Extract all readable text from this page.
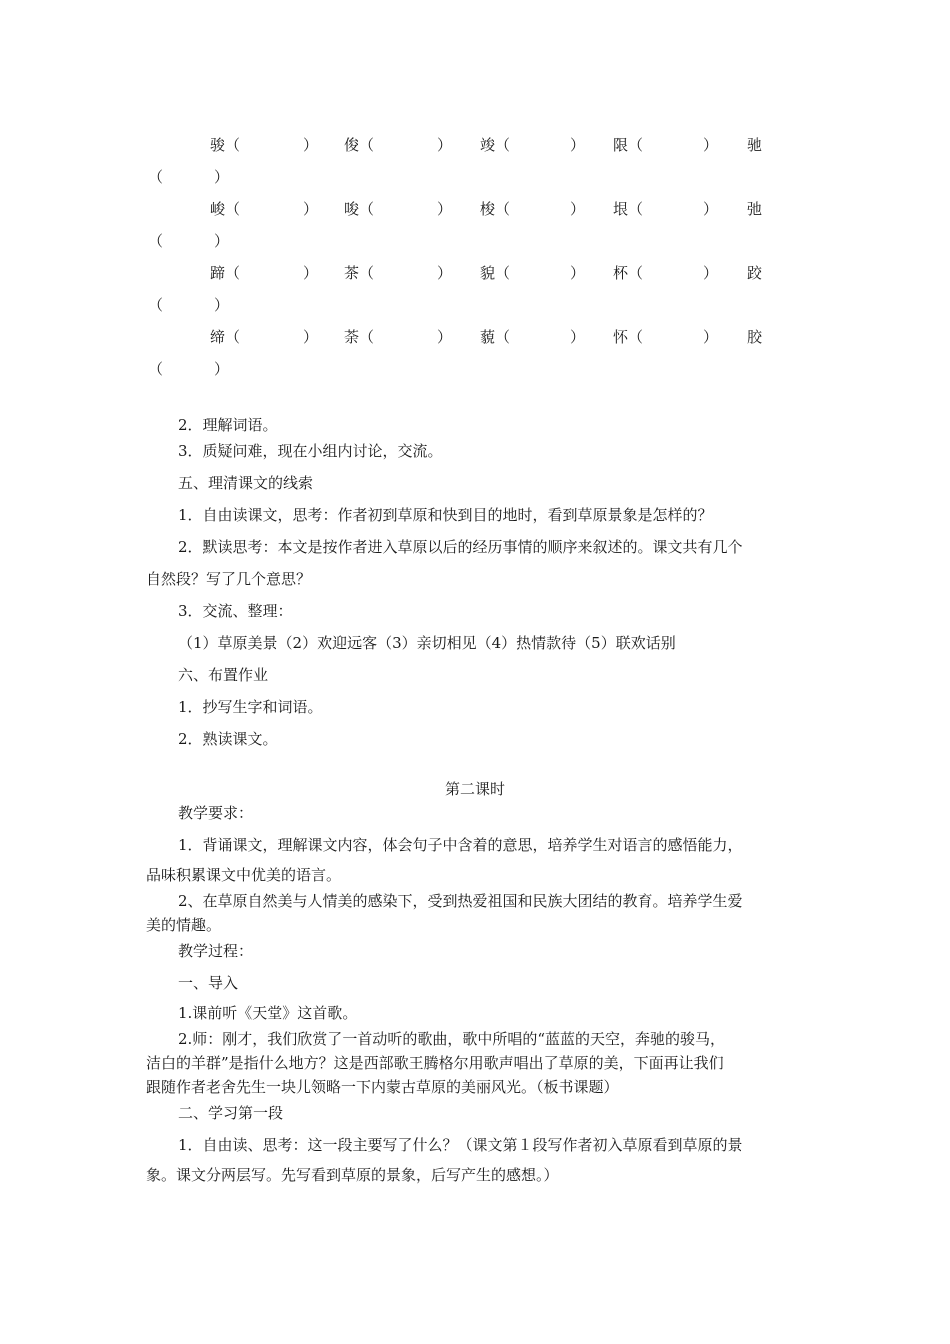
骏（	） 俊（	） 竣（	） 限（	） 驰
（	）
峻（	） 唆（	） 梭（	） 垠（	） 弛
（	）
蹄（	） 茶（	） 貌（	） 杯（	） 跤
（	）
缔（	） 荼（	） 藐（	） 怀（	） 胶
（	）
2．理解词语。
3．质疑问难，现在小组内讨论，交流。
五、理清课文的线索
1．自由读课文，思考：作者初到草原和快到目的地时，看到草原景象是怎样的？
2．默读思考：本文是按作者进入草原以后的经历事情的顺序来叙述的。课文共有几个
自然段？写了几个意思？
3．交流、整理：
（1）草原美景（2）欢迎远客（3）亲切相见（4）热情款待（5）联欢话别
六、布置作业
1．抄写生字和词语。
2．熟读课文。
第二课时
教学要求：
1．背诵课文，理解课文内容，体会句子中含着的意思，培养学生对语言的感悟能力，
品味积累课文中优美的语言。
2、在草原自然美与人情美的感染下，受到热爱祖国和民族大团结的教育。培养学生爱
美的情趣。
教学过程：
一、导入
1.课前听《天堂》这首歌。
2.师：刚才，我们欣赏了一首动听的歌曲，歌中所唱的“蓝蓝的天空，奔驰的骏马，
洁白的羊群”是指什么地方？这是西部歌王腾格尔用歌声唱出了草原的美，下面再让我们
跟随作者老舍先生一块儿领略一下内蒙古草原的美丽风光。（板书课题）
二、学习第一段
1．自由读、思考：这一段主要写了什么？（课文第１段写作者初入草原看到草原的景
象。课文分两层写。先写看到草原的景象，后写产生的感想。）
